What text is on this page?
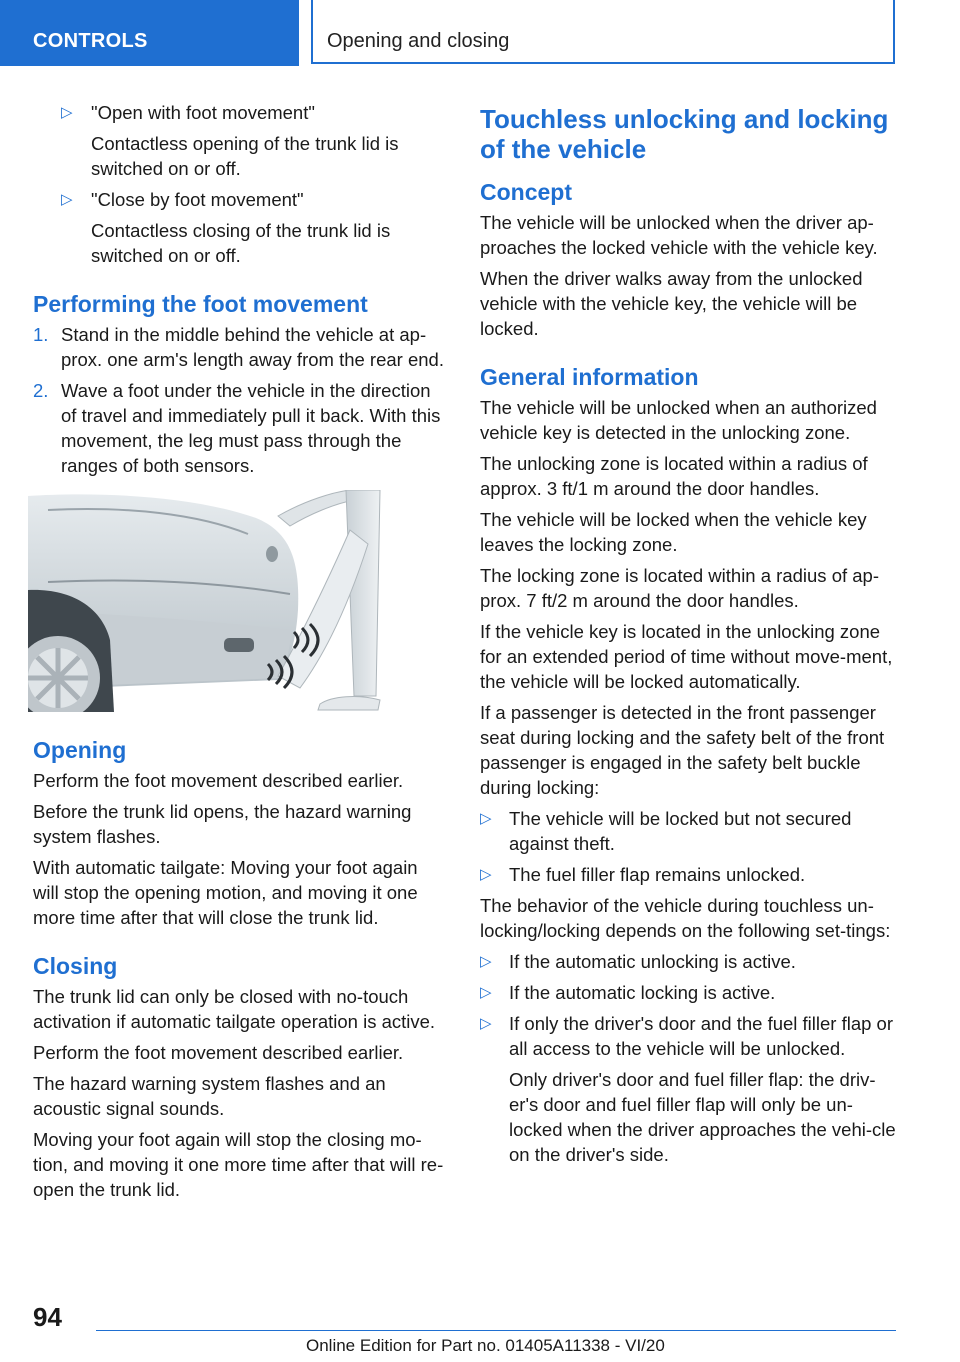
CONTROLS	Opening and closing
▷ "Open with foot movement"
Contactless opening of the trunk lid is switched on or off.
▷ "Close by foot movement"
Contactless closing of the trunk lid is switched on or off.
Performing the foot movement
1. Stand in the middle behind the vehicle at ap-prox. one arm's length away from the rear end.
2. Wave a foot under the vehicle in the direction of travel and immediately pull it back. With this movement, the leg must pass through the ranges of both sensors.
Opening

Perform the foot movement described earlier.

Before the trunk lid opens, the hazard warning system flashes.

With automatic tailgate: Moving your foot again will stop the opening motion, and moving it one more time after that will close the trunk lid.

Closing

The trunk lid can only be closed with no-touch activation if automatic tailgate operation is active.

Perform the foot movement described earlier.

The hazard warning system flashes and an acoustic signal sounds.

Moving your foot again will stop the closing mo-tion, and moving it one more time after that will re-open the trunk lid.

Touchless unlocking and locking of the vehicle
Concept

The vehicle will be unlocked when the driver ap-proaches the locked vehicle with the vehicle key.

When the driver walks away from the unlocked vehicle with the vehicle key, the vehicle will be locked.

General information

The vehicle will be unlocked when an authorized vehicle key is detected in the unlocking zone.

The unlocking zone is located within a radius of approx. 3 ft/1 m around the door handles.

The vehicle will be locked when the vehicle key leaves the locking zone.

The locking zone is located within a radius of ap-prox. 7 ft/2 m around the door handles.

If the vehicle key is located in the unlocking zone for an extended period of time without move-ment, the vehicle will be locked automatically.

If a passenger is detected in the front passenger seat during locking and the safety belt of the front passenger is engaged in the safety belt buckle during locking:

▷ The vehicle will be locked but not secured against theft.
▷ The fuel filler flap remains unlocked.

The behavior of the vehicle during touchless un-locking/locking depends on the following set-tings:

▷ If the automatic unlocking is active.
▷ If the automatic locking is active.
▷ If only the driver's door and the fuel filler flap or all access to the vehicle will be unlocked.
Only driver's door and fuel filler flap: the driv-er's door and fuel filler flap will only be un-locked when the driver approaches the vehi-cle on the driver's side.
94
Online Edition for Part no. 01405A11338 - VI/20
